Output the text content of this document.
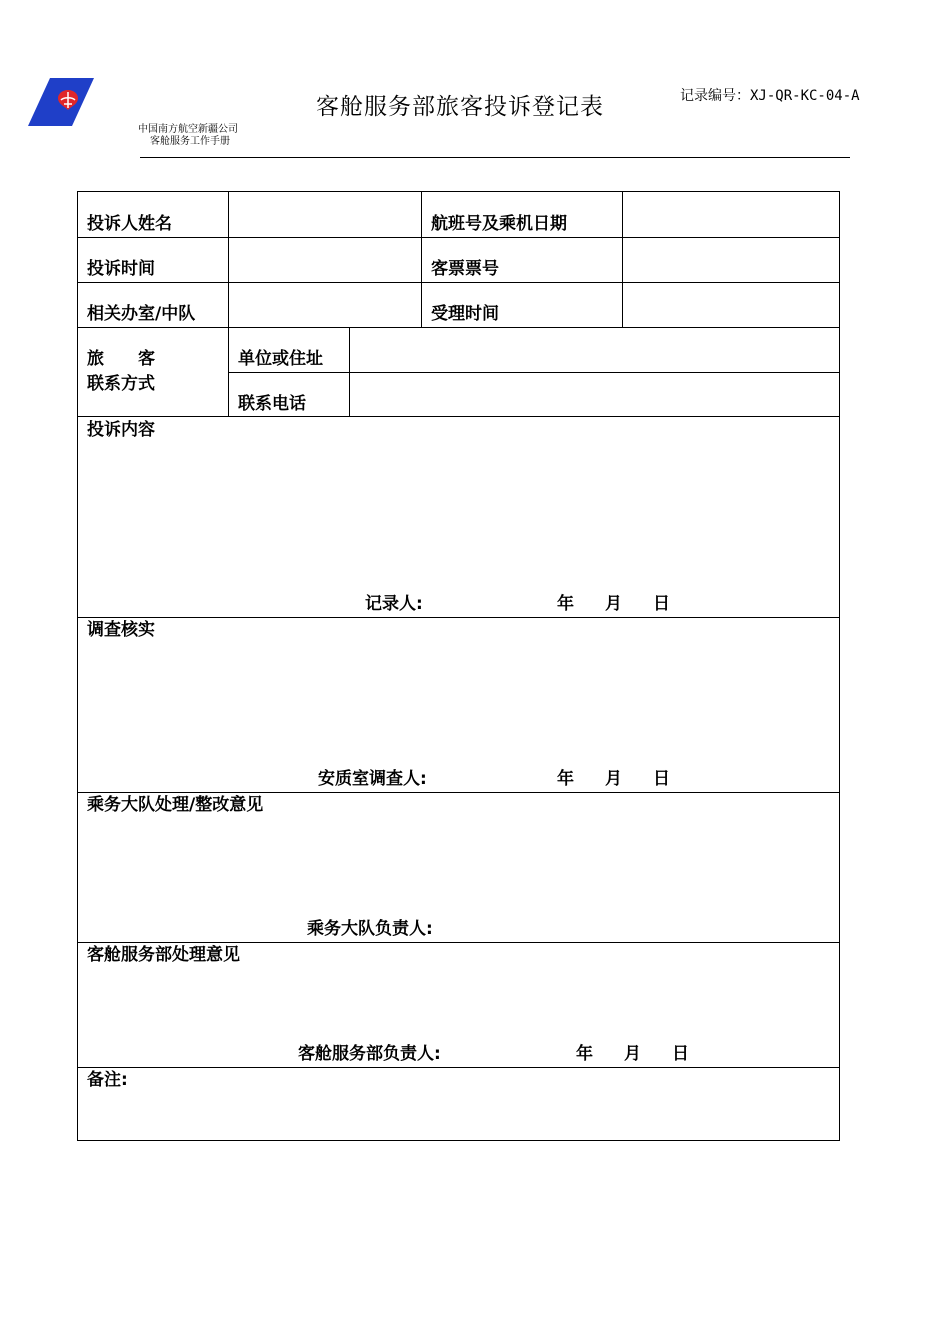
中国南方航空新疆公司
客舱服务工作手册
客舱服务部旅客投诉登记表	记录编号：XJ-QR-KC-04-A
投诉人姓名	航班号及乘机日期
投诉时间	客票票号
相关办室/中队	受理时间
旅　　客
联系方式
单位或住址
联系电话
投诉内容
记录人:	年 月 日
调查核实
安质室调查人:	年 月 日
乘务大队处理/整改意见
乘务大队负责人:
客舱服务部处理意见
客舱服务部负责人:	年 月 日
备注:
